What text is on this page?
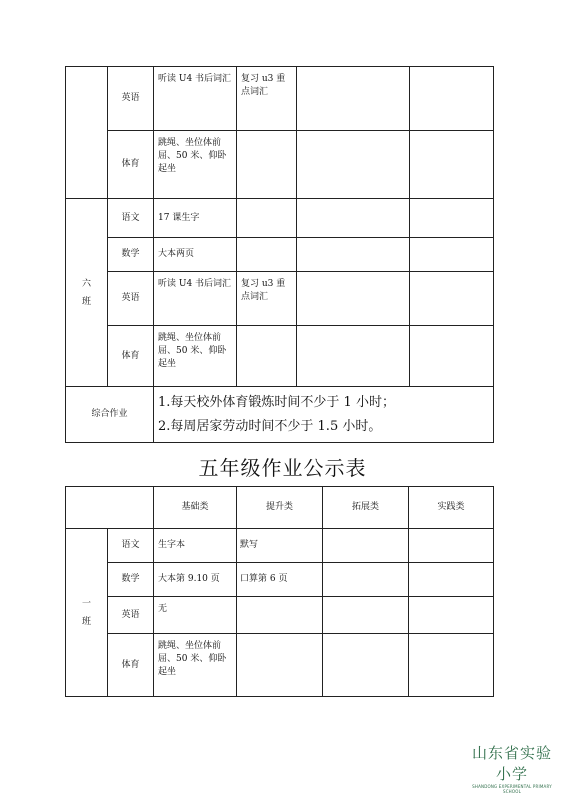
	英语	听读 U4 书后词汇	复习 u3 重点词汇		
	体育	跳绳、坐位体前屈、50 米、仰卧起坐			
六
班	语文	17 课生字			
	数学	大本两页			
	英语	听读 U4 书后词汇	复习 u3 重点词汇		
	体育	跳绳、坐位体前屈、50 米、仰卧起坐			
综合作业		1.每天校外体育锻炼时间不少于 1 小时；
2.每周居家劳动时间不少于 1.5 小时。			
五年级作业公示表
		基础类	提升类	拓展类	实践类
一
班	语文	生字本	默写		
	数学	大本第 9.10 页	口算第 6 页		
	英语	无			
	体育	跳绳、坐位体前屈、50 米、仰卧起坐			
山东省实验小学
SHANDONG EXPERIMENTAL PRIMARY SCHOOL
